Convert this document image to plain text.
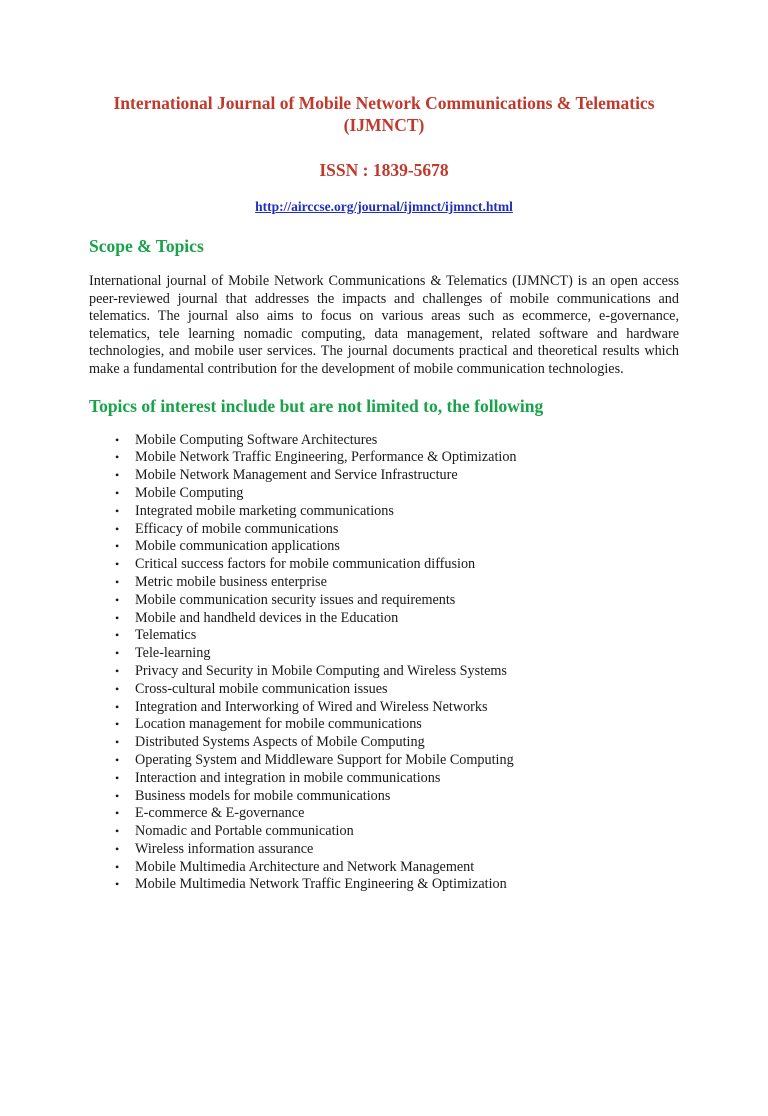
International Journal of Mobile Network Communications & Telematics
(IJMNCT)
ISSN : 1839-5678
http://airccse.org/journal/ijmnct/ijmnct.html
Scope & Topics

International journal of Mobile Network Communications & Telematics (IJMNCT) is an open access peer-reviewed journal that addresses the impacts and challenges of mobile communications and telematics. The journal also aims to focus on various areas such as ecommerce, e-governance, telematics, tele learning nomadic computing, data management, related software and hardware technologies, and mobile user services. The journal documents practical and theoretical results which make a fundamental contribution for the development of mobile communication technologies.

Topics of interest include but are not limited to, the following
• Mobile Computing Software Architectures
• Mobile Network Traffic Engineering, Performance & Optimization
• Mobile Network Management and Service Infrastructure
• Mobile Computing
• Integrated mobile marketing communications
• Efficacy of mobile communications
• Mobile communication applications
• Critical success factors for mobile communication diffusion
• Metric mobile business enterprise
• Mobile communication security issues and requirements
• Mobile and handheld devices in the Education
• Telematics
• Tele-learning
• Privacy and Security in Mobile Computing and Wireless Systems
• Cross-cultural mobile communication issues
• Integration and Interworking of Wired and Wireless Networks
• Location management for mobile communications
• Distributed Systems Aspects of Mobile Computing
• Operating System and Middleware Support for Mobile Computing
• Interaction and integration in mobile communications
• Business models for mobile communications
• E-commerce & E-governance
• Nomadic and Portable communication
• Wireless information assurance
• Mobile Multimedia Architecture and Network Management
• Mobile Multimedia Network Traffic Engineering & Optimization
